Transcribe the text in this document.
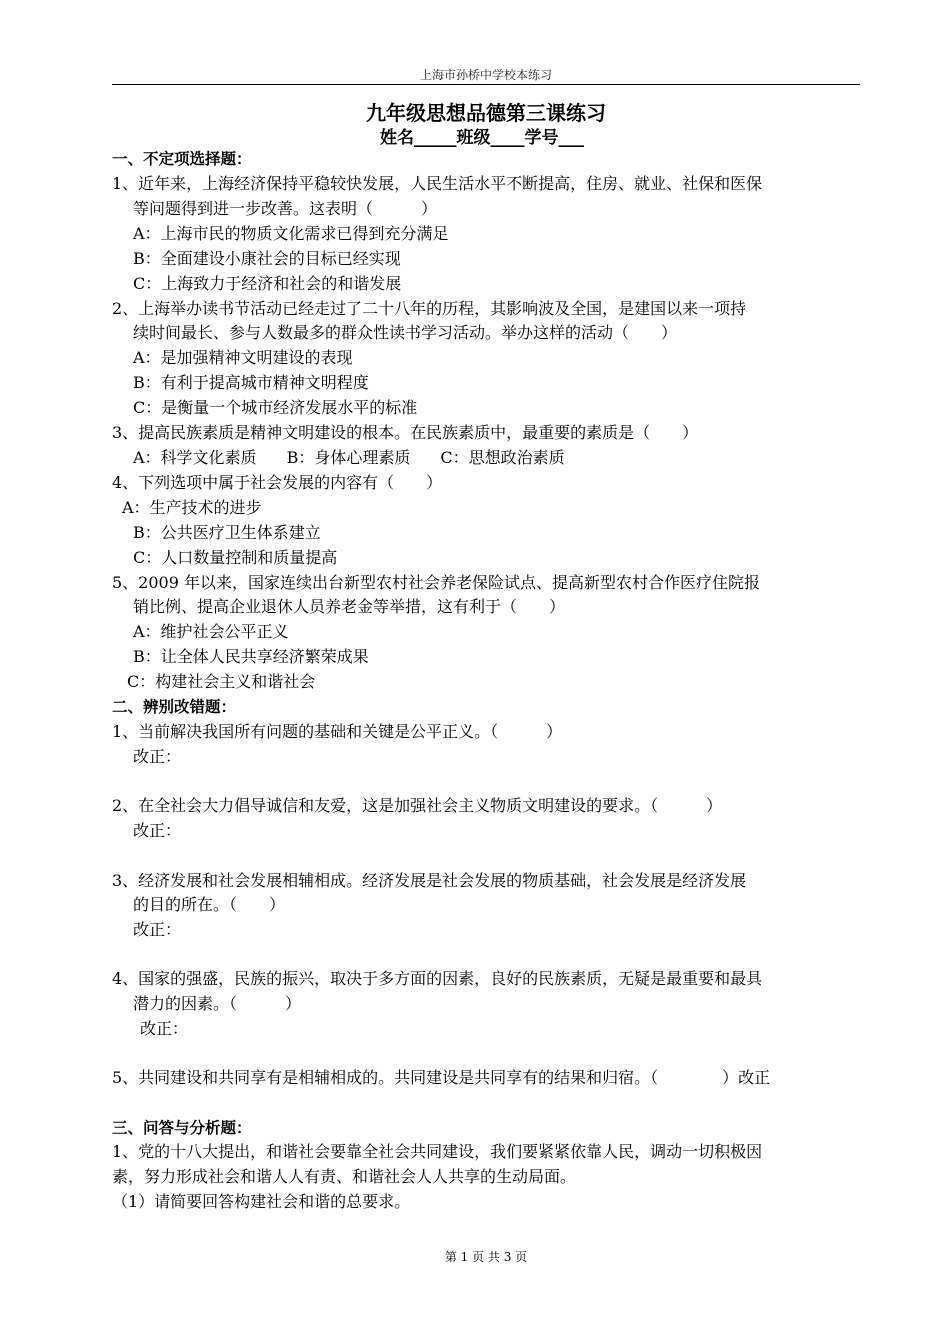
上海市孙桥中学校本练习
九年级思想品德第三课练习
姓名_____班级____学号___
一、不定项选择题：
1、近年来，上海经济保持平稳较快发展，人民生活水平不断提高，住房、就业、社保和医保
等问题得到进一步改善。这表明（　　　）
A：上海市民的物质文化需求已得到充分满足
B：全面建设小康社会的目标已经实现
C：上海致力于经济和社会的和谐发展
2、上海举办读书节活动已经走过了二十八年的历程，其影响波及全国，是建国以来一项持
续时间最长、参与人数最多的群众性读书学习活动。举办这样的活动（　　）
A：是加强精神文明建设的表现
B：有利于提高城市精神文明程度
C：是衡量一个城市经济发展水平的标准
3、提高民族素质是精神文明建设的根本。在民族素质中，最重要的素质是（　　）
A：科学文化素质 B：身体心理素质 C：思想政治素质
4、下列选项中属于社会发展的内容有（　　）
A：生产技术的进步
B：公共医疗卫生体系建立
C：人口数量控制和质量提高
5、2009 年以来，国家连续出台新型农村社会养老保险试点、提高新型农村合作医疗住院报
销比例、提高企业退休人员养老金等举措，这有利于（　　）
A：维护社会公平正义
B：让全体人民共享经济繁荣成果
C：构建社会主义和谐社会
二、辨别改错题：
1、当前解决我国所有问题的基础和关键是公平正义。（　　　）
改正：
2、在全社会大力倡导诚信和友爱，这是加强社会主义物质文明建设的要求。（　　　）
改正：
3、经济发展和社会发展相辅相成。经济发展是社会发展的物质基础，社会发展是经济发展
的目的所在。（　　）
改正：
4、国家的强盛，民族的振兴，取决于多方面的因素，良好的民族素质，无疑是最重要和最具
潜力的因素。（　　　）
改正：
5、共同建设和共同享有是相辅相成的。共同建设是共同享有的结果和归宿。（　　　　）改正
三、问答与分析题：
1、党的十八大提出，和谐社会要靠全社会共同建设，我们要紧紧依靠人民，调动一切积极因
素，努力形成社会和谐人人有责、和谐社会人人共享的生动局面。
（1）请简要回答构建社会和谐的总要求。
第 1 页 共 3 页
